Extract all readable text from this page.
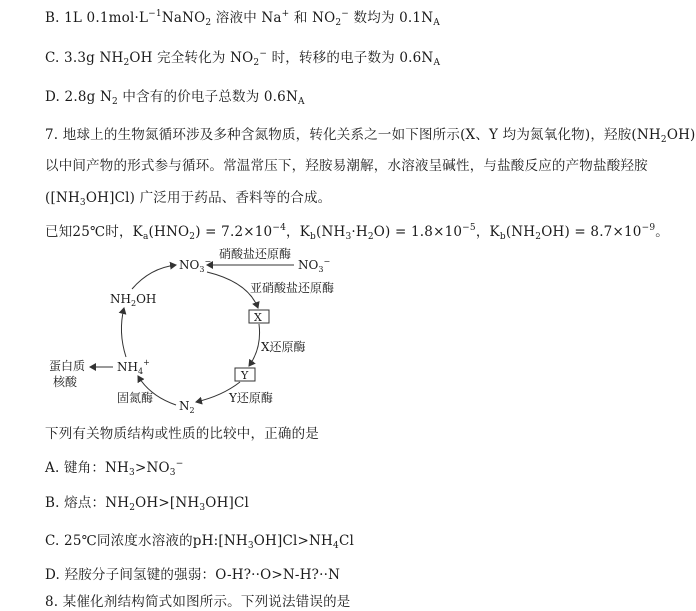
B. 1L $0.1mol\cdot L^{-1}NaNO_2$ 溶液中 Na+ 和 $NO_2^-$ 数均为 $0.1N_A$
C. 3.3g $NH_2OH$ 完全转化为 $NO_2^-$ 时，转移的电子数为 $0.6N_A$
D. 2.8g $N_2$ 中含有的价电子总数为 $0.6N_A$
7. 地球上的生物氮循环涉及多种含氮物质，转化关系之一如下图所示(X、Y 均为氮氧化物)，羟胺$(NH_2OH)$
以中间产物的形式参与循环。常温常压下，羟胺易潮解，水溶液呈碱性，与盐酸反应的产物盐酸羟胺
$([NH_3OH]Cl)$ 广泛用于药品、香料等的合成。
已知25℃时，$K_a(HNO_2) = 7.2\times 10^{-4}$，$K_b(NH_3\cdot H_2O) = 1.8\times 10^{-5}$，$K_b(NH_2OH) = 8.7\times 10^{-9}$。
$NO_3^-$	$NO_3^-$
硝酸盐还原酶
亚硝酸盐还原酶
X
X还原酶
Y
Y还原酶
$N_2$
固氮酶
$NH_4^+$
$NH_2OH$
蛋白质
核酸
下列有关物质结构或性质的比较中，正确的是
A. 键角：$NH_3>NO_3^-$
B. 熔点：$NH_2OH>[NH_3OH]Cl$
C. 25℃同浓度水溶液的$pH:[NH_3OH]Cl>NH_4Cl$
D. 羟胺分子间氢键的强弱：O-H?··O>N-H?··N
8. 某催化剂结构简式如图所示。下列说法错误的是
